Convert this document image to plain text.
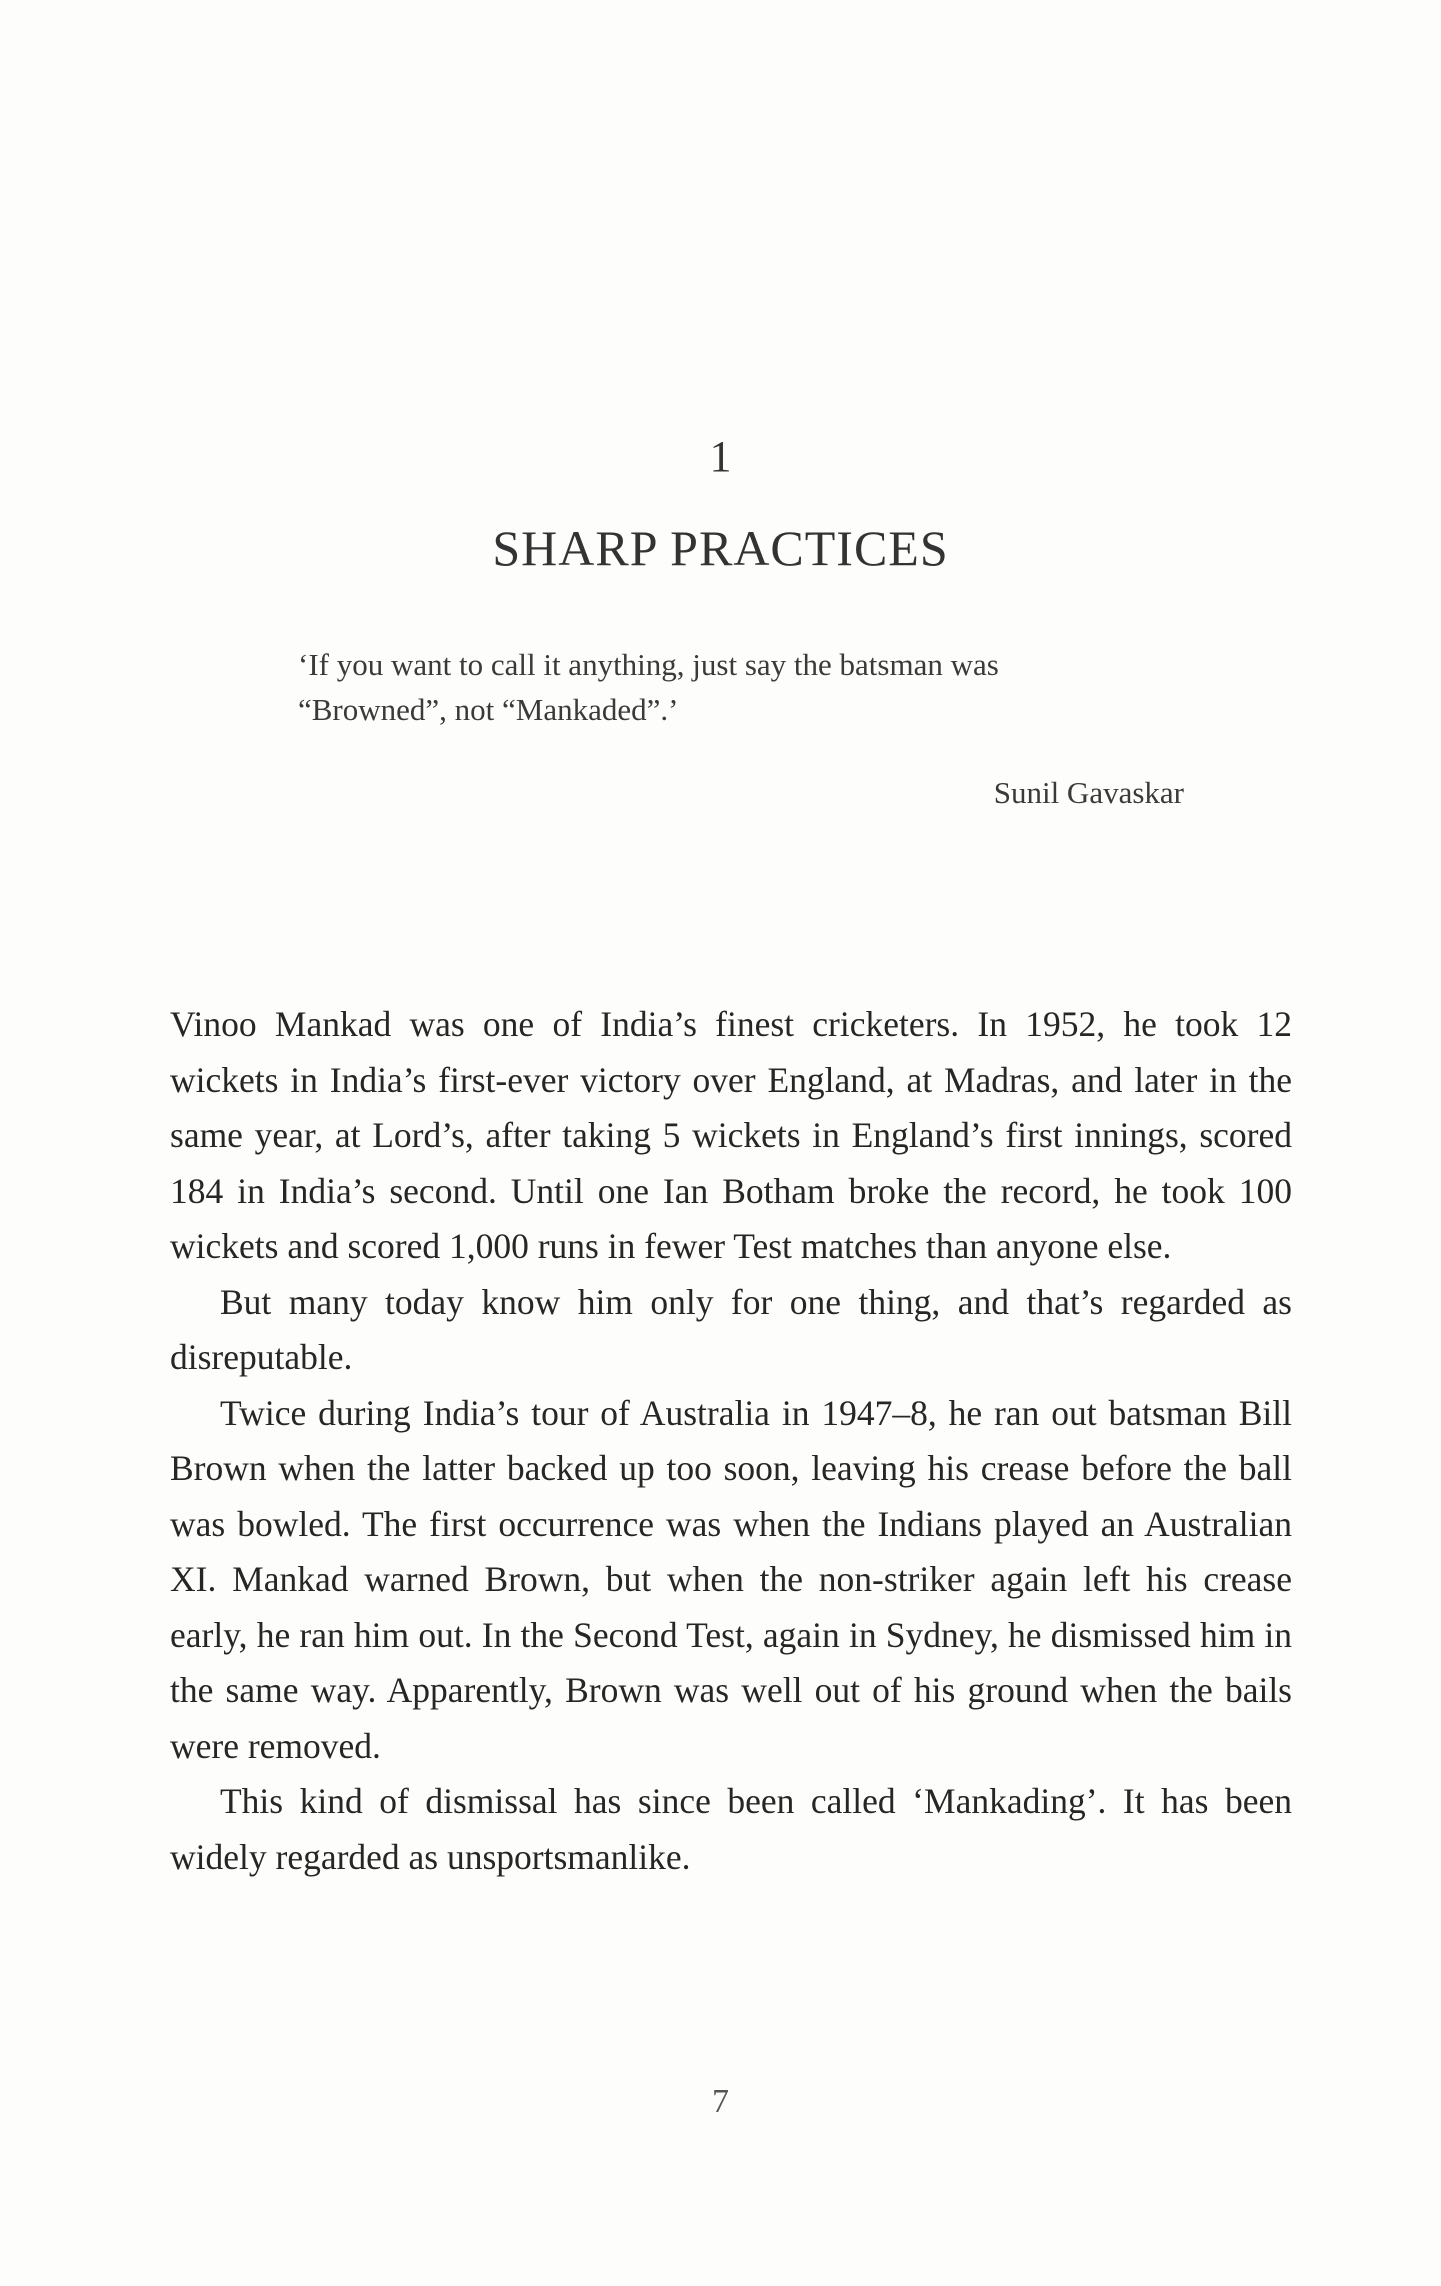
1
SHARP PRACTICES

‘If you want to call it anything, just say the batsman was

“Browned”, not “Mankaded”.’

Sunil Gavaskar

Vinoo Mankad was one of India’s finest cricketers. In 1952, he took 12 wickets in India’s first-ever victory over England, at Madras, and later in the same year, at Lord’s, after taking 5 wickets in England’s first innings, scored 184 in India’s second. Until one Ian Botham broke the record, he took 100 wickets and scored 1,000 runs in fewer Test matches than anyone else.

But many today know him only for one thing, and that’s regarded as disreputable.

Twice during India’s tour of Australia in 1947–8, he ran out batsman Bill Brown when the latter backed up too soon, leaving his crease before the ball was bowled. The first occurrence was when the Indians played an Australian XI. Mankad warned Brown, but when the non-striker again left his crease early, he ran him out. In the Second Test, again in Sydney, he dismissed him in the same way. Apparently, Brown was well out of his ground when the bails were removed.

This kind of dismissal has since been called ‘Mankading’. It has been widely regarded as unsportsmanlike.

7
